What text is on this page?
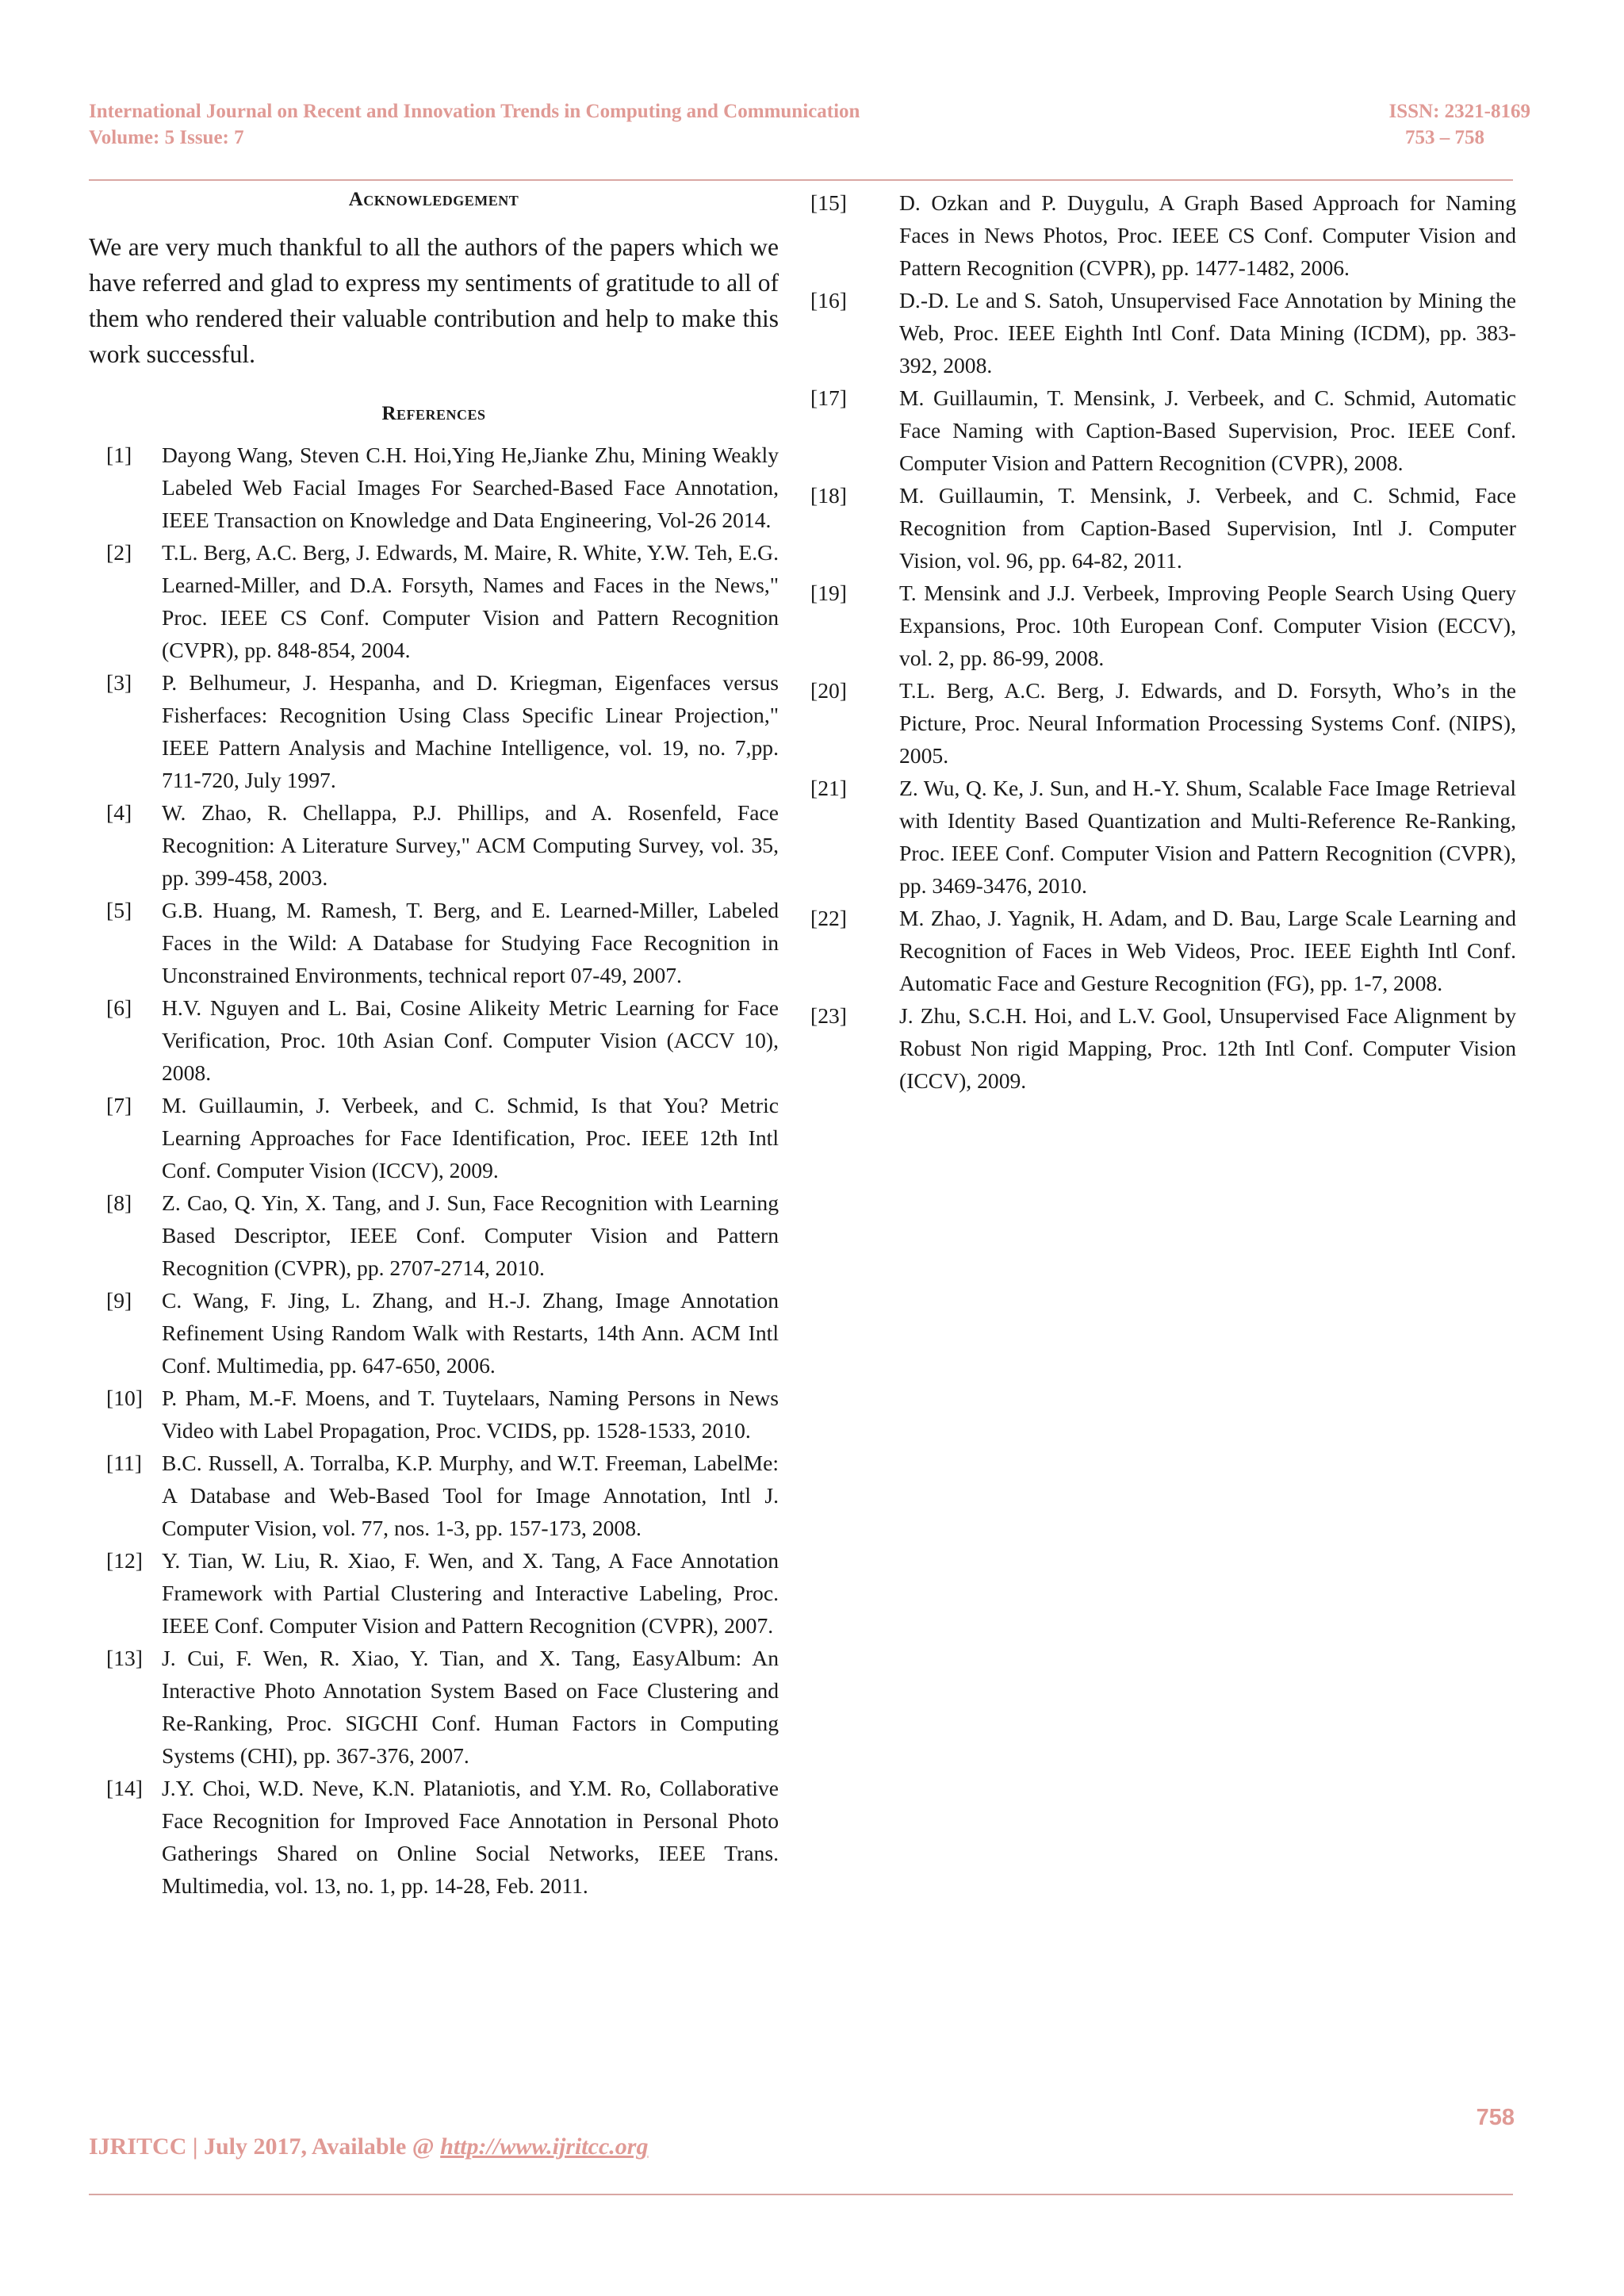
International Journal on Recent and Innovation Trends in Computing and Communication
Volume: 5 Issue: 7
ISSN: 2321-8169
753 – 758
Acknowledgement

We are very much thankful to all the authors of the papers which we have referred and glad to express my sentiments of gratitude to all of them who rendered their valuable contribution and help to make this work successful.

References
[1]	Dayong Wang, Steven C.H. Hoi,Ying He,Jianke Zhu, Mining Weakly Labeled Web Facial Images For Searched-Based Face Annotation, IEEE Transaction on Knowledge and Data Engineering, Vol-26 2014.
[2]	T.L. Berg, A.C. Berg, J. Edwards, M. Maire, R. White, Y.W. Teh, E.G. Learned-Miller, and D.A. Forsyth, Names and Faces in the News," Proc. IEEE CS Conf. Computer Vision and Pattern Recognition (CVPR), pp. 848-854, 2004.
[3]	P. Belhumeur, J. Hespanha, and D. Kriegman, Eigenfaces versus Fisherfaces: Recognition Using Class Specific Linear Projection," IEEE Pattern Analysis and Machine Intelligence, vol. 19, no. 7,pp. 711-720, July 1997.
[4]	W. Zhao, R. Chellappa, P.J. Phillips, and A. Rosenfeld, Face Recognition: A Literature Survey," ACM Computing Survey, vol. 35, pp. 399-458, 2003.
[5]	G.B. Huang, M. Ramesh, T. Berg, and E. Learned-Miller, Labeled Faces in the Wild: A Database for Studying Face Recognition in Unconstrained Environments, technical report 07-49, 2007.
[6]	H.V. Nguyen and L. Bai, Cosine Alikeity Metric Learning for Face Verification, Proc. 10th Asian Conf. Computer Vision (ACCV 10), 2008.
[7]	M. Guillaumin, J. Verbeek, and C. Schmid, Is that You? Metric Learning Approaches for Face Identification, Proc. IEEE 12th Intl Conf. Computer Vision (ICCV), 2009.
[8]	Z. Cao, Q. Yin, X. Tang, and J. Sun, Face Recognition with Learning Based Descriptor, IEEE Conf. Computer Vision and Pattern Recognition (CVPR), pp. 2707-2714, 2010.
[9]	C. Wang, F. Jing, L. Zhang, and H.-J. Zhang, Image Annotation Refinement Using Random Walk with Restarts, 14th Ann. ACM Intl Conf. Multimedia, pp. 647-650, 2006.
[10] P. Pham, M.-F. Moens, and T. Tuytelaars, Naming Persons in News Video with Label Propagation, Proc. VCIDS, pp. 1528-1533, 2010.
[11] B.C. Russell, A. Torralba, K.P. Murphy, and W.T. Freeman, LabelMe: A Database and Web-Based Tool for Image Annotation, Intl J. Computer Vision, vol. 77, nos. 1-3, pp. 157-173, 2008.
[12] Y. Tian, W. Liu, R. Xiao, F. Wen, and X. Tang, A Face Annotation Framework with Partial Clustering and Interactive Labeling, Proc. IEEE Conf. Computer Vision and Pattern Recognition (CVPR), 2007.
[13] J. Cui, F. Wen, R. Xiao, Y. Tian, and X. Tang, EasyAlbum: An Interactive Photo Annotation System Based on Face Clustering and Re-Ranking, Proc. SIGCHI Conf. Human Factors in Computing Systems (CHI), pp. 367-376, 2007.
[14] J.Y. Choi, W.D. Neve, K.N. Plataniotis, and Y.M. Ro, Collaborative Face Recognition for Improved Face Annotation in Personal Photo Gatherings Shared on Online Social Networks, IEEE Trans. Multimedia, vol. 13, no. 1, pp. 14-28, Feb. 2011.
[15]	D. Ozkan and P. Duygulu, A Graph Based Approach for Naming Faces in News Photos, Proc. IEEE CS Conf. Computer Vision and Pattern Recognition (CVPR), pp. 1477-1482, 2006.
[16]	D.-D. Le and S. Satoh, Unsupervised Face Annotation by Mining the Web, Proc. IEEE Eighth Intl Conf. Data Mining (ICDM), pp. 383-392, 2008.
[17]	M. Guillaumin, T. Mensink, J. Verbeek, and C. Schmid, Automatic Face Naming with Caption-Based Supervision, Proc. IEEE Conf. Computer Vision and Pattern Recognition (CVPR), 2008.
[18]	M. Guillaumin, T. Mensink, J. Verbeek, and C. Schmid, Face Recognition from Caption-Based Supervision, Intl J. Computer Vision, vol. 96, pp. 64-82, 2011.
[19]	T. Mensink and J.J. Verbeek, Improving People Search Using Query Expansions, Proc. 10th European Conf. Computer Vision (ECCV), vol. 2, pp. 86-99, 2008.
[20]	T.L. Berg, A.C. Berg, J. Edwards, and D. Forsyth, Who’s in the Picture, Proc. Neural Information Processing Systems Conf. (NIPS), 2005.
[21]	Z. Wu, Q. Ke, J. Sun, and H.-Y. Shum, Scalable Face Image Retrieval with Identity Based Quantization and Multi-Reference Re-Ranking, Proc. IEEE Conf. Computer Vision and Pattern Recognition (CVPR), pp. 3469-3476, 2010.
[22]	M. Zhao, J. Yagnik, H. Adam, and D. Bau, Large Scale Learning and Recognition of Faces in Web Videos, Proc. IEEE Eighth Intl Conf. Automatic Face and Gesture Recognition (FG), pp. 1-7, 2008.
[23]	J. Zhu, S.C.H. Hoi, and L.V. Gool, Unsupervised Face Alignment by Robust Non rigid Mapping, Proc. 12th Intl Conf. Computer Vision (ICCV), 2009.
758
IJRITCC | July 2017, Available @ http://www.ijritcc.org
